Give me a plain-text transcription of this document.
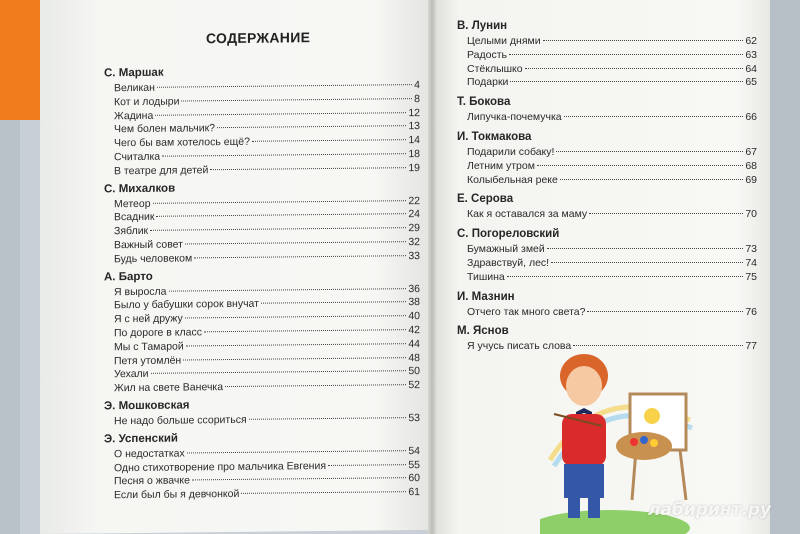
СОДЕРЖАНИЕ
С. Маршак
Великан	4
Кот и лодыри	8
Жадина	12
Чем болен мальчик?	13
Чего бы вам хотелось ещё?	14
Считалка	18
В театре для детей	19
С. Михалков
Метеор	22
Всадник	24
Зяблик	29
Важный совет	32
Будь человеком	33
А. Барто
Я выросла	36
Было у бабушки сорок внучат	38
Я с ней дружу	40
По дороге в класс	42
Мы с Тамарой	44
Петя утомлён	48
Уехали	50
Жил на свете Ванечка	52
Э. Мошковская
Не надо больше ссориться	53
Э. Успенский
О недостатках	54
Одно стихотворение про мальчика Евгения	55
Песня о жвачке	60
Если был бы я девчонкой	61
В. Лунин
Целыми днями	62
Радость	63
Стёклышко	64
Подарки	65
Т. Бокова
Липучка-почемучка	66
И. Токмакова
Подарили собаку!	67
Летним утром	68
Колыбельная реке	69
Е. Серова
Как я оставался за маму	70
С. Погореловский
Бумажный змей	73
Здравствуй, лес!	74
Тишина	75
И. Мазнин
Отчего так много света?	76
М. Яснов
Я учусь писать слова	77
лабиринт.ру
